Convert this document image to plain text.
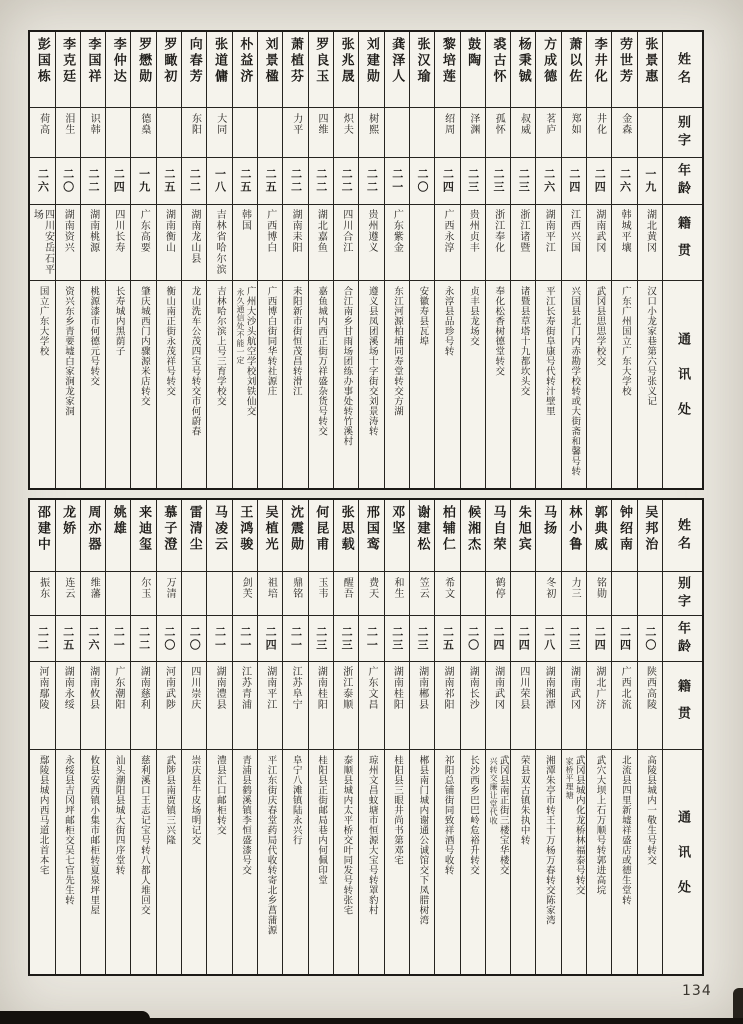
姓名
别字
年龄
籍贯
通讯处
张景惠
一九
湖北黄冈
汉口小龙家巷第六号张义记
劳世芳
金森
二六
韩城平壤
广东广州国立广东大学校
李井化
井化
二四
湖南武冈
武冈县思思学校交
萧以佐
郑如
二四
江西兴国
兴国县北门内赤勘学校转或大街斋和馨号转
方成德
茗庐
二六
湖南平江
平江长寿街阜康号代转汁壁里
杨秉铖
叔威
二三
浙江诸暨
诸暨县草塔十九都坎头交
裘古怀
孤怀
二三
浙江奉化
奉化松香树德堂转交
鼓陶
泽渊
二三
贵州贞丰
贞丰县龙场交
黎培莲
绍周
二四
广西永淳
永淳县品珍号转
张汉瑜
二〇
安徽寿县瓦埠
龚泽人
二一
广东紫金
东江河源柏埔同寿堂转交方湖
刘建勋
树熙
二二
贵州遵义
遵义县凤团溪场十字街交刘景涛转
张兆晟
炽夫
二二
四川合江
合江南乡甘雨场团练办事处转竹溪村
罗良玉
四维
二二
湖北嘉鱼
嘉鱼城内西正街万祥盛杂货号转交
萧植芬
力平
二二
湖南耒阳
耒阳新市街恒茂昌转滑江
刘景楹
二五
广西博白
广西博白街同华转社源庄
朴益济
二五
韩国
广州大沙头航空学校刘铁仙交
永久通信处不能一定
张道傭
大同
一八
吉林省哈尔滨
吉林哈尔滨上号三育学校交
向春芳
东阳
二二
湖南龙山县
龙山洗车公茂四宝号转交市何蔚春
罗瞰初
二五
湖南衡山
衡山南正街永茂祥号转交
罗懋勋
德燊
一九
广东高要
肇庆城西门内骤源米店转交
李仲达
二四
四川长寿
长寿城内黑荫子
李国祥
识韩
二二
湖南桃源
桃源漆市何德元号转交
李克廷
泪生
二〇
湖南资兴
资兴东乡青要墟白家涧龙家洞
彭国栋
荷高
二六
四川安岳石平场
国立广东大学校
姓名
别字
年龄
籍贯
通讯处
吴邦治
二〇
陕西高陵
高陵县城内一敬生号转交
钟绍南
二四
广西北流
北流县四里新墟祥盛店或德生堂转
郭典威
铭勋
二四
湖北广济
武穴大坝上石万顺号转郭进高垸
林小鲁
力三
二三
湖南武冈
武冈县城内化龙桥林福泰号转交
家桥平理塘
马扬
冬初
二八
湖南湘潭
湘潭朱亭市转王十万杨万春转交陈家湾
朱旭宾
二四
四川荣县
荣县双古镇朱执中转
马自荣
鹤停
二四
湖南武冈
武冈县南正街三楼宝华楼交
兴转交廉让堂代收
候湘杰
二〇
湖南长沙
长沙西乡巴巴岭危裕升转交
柏辅仁
希文
二五
湖南祁阳
祁阳总铺街同致祥酒号收转
谢建松
笠云
二三
湖南郴县
郴县南门城内谢通公诚馆交下凤腊树湾
邓坚
和生
二三
湖南桂阳
桂阳县三眼井尚书第邓宅
邢国鸾
费天
二一
广东文昌
琼州文昌蚊塘市恒源大宝号转罩豹村
张思载
醒吾
二三
浙江泰顺
泰顺县城内太平桥交叶同发号转张宅
何昆甫
玉韦
二三
湖南桂阳
桂阳县正街邮局巷内何佩印堂
沈震勋
鼎铭
二一
江苏阜宁
阜宁八滩镇陆永兴行
吴植光
祖培
二四
湖南平江
平江东街庆春堂药局代收转寄北乡菖蒲源
王鸿骏
剑芙
二一
江苏青浦
青浦县鹤溪镇李恒盛漆号交
马凌云
二一
湖南澧县
澧县汇口邮柜转交
雷清尘
二〇
四川崇庆
崇庆县牛皮场明记交
慕子澄
万清
二〇
河南武陟
武陟县南贾镇三兴隆
来迪玺
尔玉
二二
湖南慈利
慈利溪口王志记宝号转八都人堆回交
姚雄
二一
广东潮阳
汕头潮阳县城大街四序堂转
周亦器
维藩
二六
湖南攸县
攸县安西镇小集市邮柜转夏泉坪里屋
龙娇
连云
二五
湖南永绥
永绥县吉冈坪邮柜交吴七官先生转
邵建中
振东
二二
河南鄢陵
鄢陵县城内西马道北首本宅
134
